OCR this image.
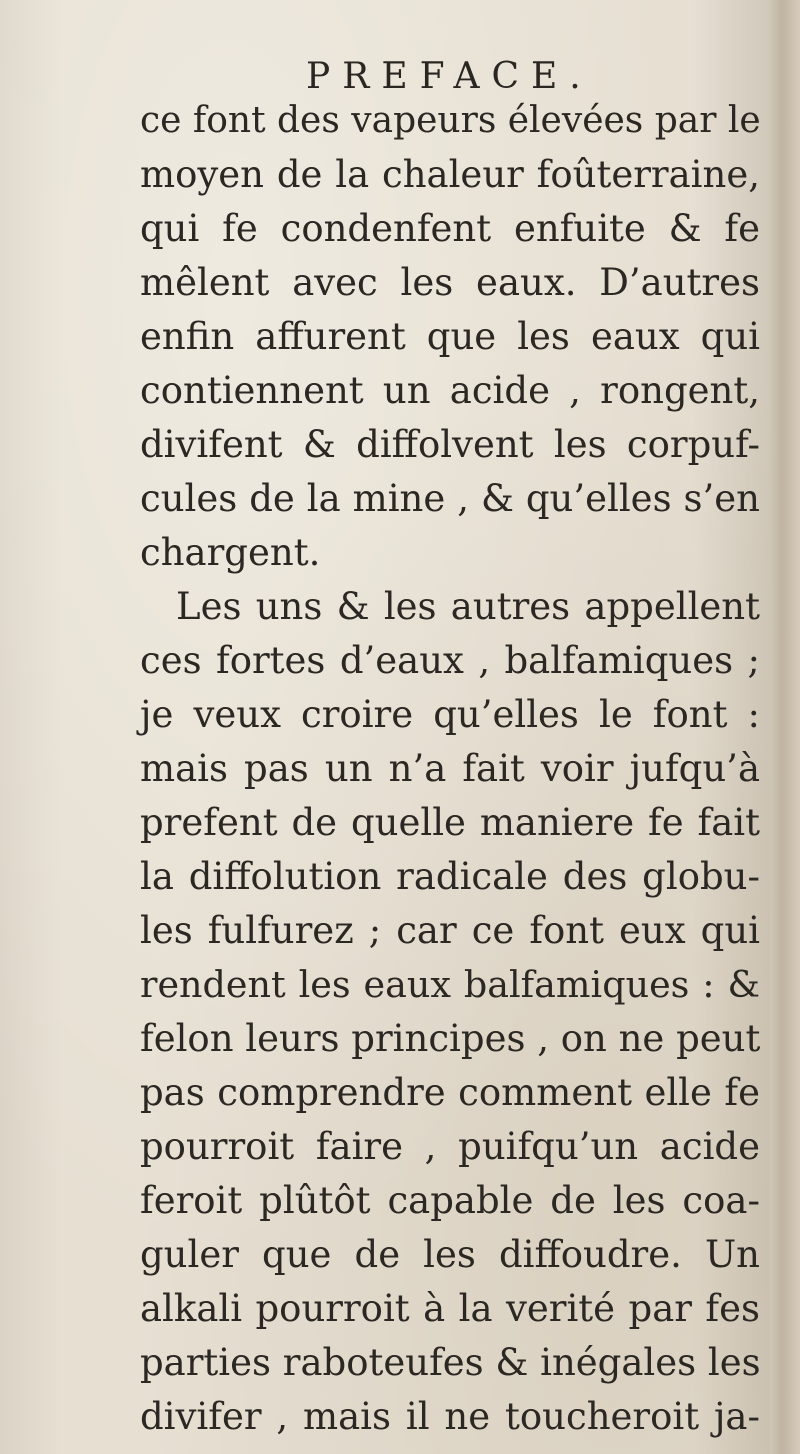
PREFACE.
ce font des vapeurs élevées par le
moyen de la chaleur foûterraine,
qui fe condenfent enfuite & fe
mêlent avec les eaux. D’autres
enfin affurent que les eaux qui
contiennent un acide , rongent,
divifent & diffolvent les corpuf-
cules de la mine , & qu’elles s’en
chargent.
Les uns & les autres appellent
ces fortes d’eaux , balfamiques ;
je veux croire qu’elles le font :
mais pas un n’a fait voir jufqu’à
prefent de quelle maniere fe fait
la diffolution radicale des globu-
les fulfurez ; car ce font eux qui
rendent les eaux balfamiques : &
felon leurs principes , on ne peut
pas comprendre comment elle fe
pourroit faire , puifqu’un acide
feroit plûtôt capable de les coa-
guler que de les diffoudre. Un
alkali pourroit à la verité par fes
parties raboteufes & inégales les
divifer , mais il ne toucheroit ja-
